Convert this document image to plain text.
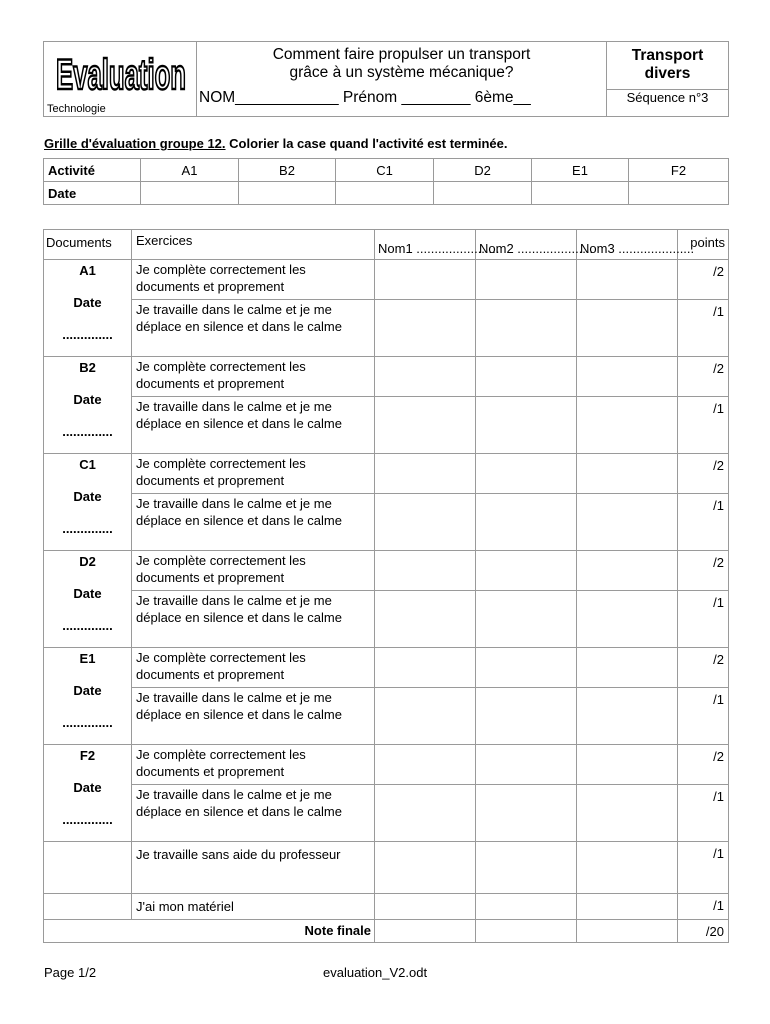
Evaluation
Technologie

Comment faire propulser un transport
grâce à un système mécanique?
NOM____________ Prénom ________ 6ème__

Transport divers

Séquence n°3
Grille d'évaluation groupe 12. Colorier la case quand l'activité est terminée.
Activité	A1	B2	C1	D2	E1	F2
Date						
Documents	Exercices	Nom1 .......................	Nom2 .....................	Nom3 .....................	points

A1
Date
..............	Je complète correctement les documents et proprement				/2
	Je travaille dans le calme et je me déplace en silence et dans le calme				/1

B2
Date
..............	Je complète correctement les documents et proprement				/2
	Je travaille dans le calme et je me déplace en silence et dans le calme				/1

C1
Date
..............	Je complète correctement les documents et proprement				/2
	Je travaille dans le calme et je me déplace en silence et dans le calme				/1

D2
Date
..............	Je complète correctement les documents et proprement				/2
	Je travaille dans le calme et je me déplace en silence et dans le calme				/1

E1
Date
..............	Je complète correctement les documents et proprement				/2
	Je travaille dans le calme et je me déplace en silence et dans le calme				/1

F2
Date
..............	Je complète correctement les documents et proprement				/2
	Je travaille dans le calme et je me déplace en silence et dans le calme				/1
	Je travaille sans aide du professeur				/1
	J'ai mon matériel				/1
Note finale					/20
Page 1/2	evaluation_V2.odt
